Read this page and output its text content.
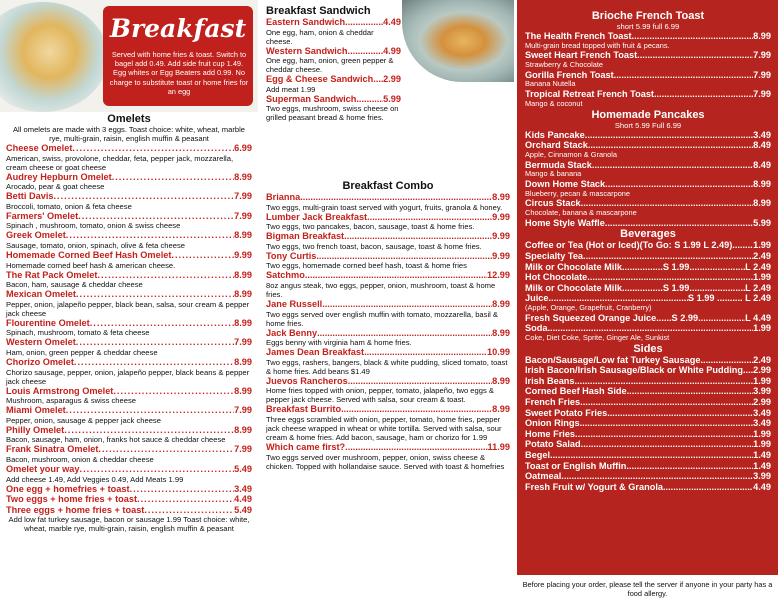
Breakfast
Served with home fries & toast. Switch to bagel add 0.49. Add side fruit cup 1.49. Egg whites or Egg Beaters add 0.99. No charge to substitute toast or home fries for an egg
Omelets
All omelets are made with 3 eggs. Toast choice: white, wheat, marble rye, multi-grain, raisin, english muffin & peasant
Cheese Omelet .....	6.99
American, swiss, provolone, cheddar, feta, pepper jack, mozzarella, cream cheese or goat cheese
Audrey Hepburn Omelet .....	8.99
Arocado, pear & goat cheese
Betti Davis .....	7.99
Broccoli, tomato, onion & feta cheese
Farmers' Omelet .....	7.99
Spinach , mushroom, tomato, onion & swiss cheese
Greek Omelet .....	8.99
Sausage, tomato, onion, spinach, olive & feta cheese
Homemade Corned Beef Hash Omelet .....	9.99
Homemade corned beef hash & american cheese.
The Rat Pack Omelet .....	8.99
Bacon, ham, sausage & cheddar cheese
Mexican Omelet .....	8.99
Pepper, onion, jalapeño pepper, black bean, salsa, sour cream & pepper jack cheese
Flourentine Omelet .....	8.99
Spinach, mushroom, tomato & feta cheese
Western Omelet .....	7.99
Ham, onion, green pepper & cheddar cheese
Chorizo Omelet .....	8.99
Chorizo sausage, pepper, onion, jalapeño pepper, black beans & pepper jack cheese
Louis Armstrong Omelet .....	8.99
Mushroom, asparagus & swiss cheese
Miami Omelet .....	7.99
Pepper, onion, sausage & pepper jack cheese
Philly Omelet .....	8.99
Bacon, sausage, ham, onion, franks hot sauce & cheddar cheese
Frank Sinatra Omelet .....	7.99
Bacon, mushroom, onion & cheddar cheese
Omelet your way .....	5.49
Add cheese 1.49, Add Veggies 0.49, Add Meats 1.99
One egg + homefries + toast .....	3.49
Two eggs + home fries + toast .....	4.49
Three eggs + home fries + toast .....	5.49
Add low fat turkey sausage, bacon or sausage 1.99 Toast choice: white, wheat, marble rye, multi-grain, raisin, english muffin & peasant
Breakfast Sandwich
Eastern Sandwich .....	4.49
One egg, ham, onion & cheddar cheese.
Western Sandwich .....	4.99
One egg, ham, onion, green pepper & cheddar cheese.
Egg & Cheese Sandwich ..... 2.99
Add meat 1.99
Superman Sandwich .....	5.99
Two eggs, mushroom, swiss cheese on grilled peasant bread & home fries.
Breakfast Combo
Brianna .....	8.99
Two eggs, multi-grain toast served with yogurt, fruits, granola & honey.
Lumber Jack Breakfast .....	9.99
Two eggs, two pancakes, bacon, sausage, toast & home fries.
Bigman Breakfast .....	9.99
Two eggs, two french toast, bacon, sausage, toast & home fries.
Tony Curtis .....	9.99
Two eggs, homemade corned beef hash, toast & home fries
Satchmo .....	12.99
8oz angus steak, two eggs, pepper, onion, mushroom, toast & home fries.
Jane Russell .....	8.99
Two eggs served over english muffin with tomato, mozzarella, basil & home fries.
Jack Benny .....	8.99
Eggs benny with virginia ham & home fries.
James Dean Breakfast .....	10.99
Two eggs, rashers, bangers, black & white pudding, sliced tomato, toast & home fries. Add beans $1.49
Juevos Rancheros .....	8.99
Home fries topped with onion, pepper, tomato, jalapeño, two eggs & pepper jack cheese. Served with salsa, sour cream & toast.
Breakfast Burrito .....	8.99
Three eggs scrambled with onion, pepper, tomato, home fries, pepper jack cheese wrapped in wheat or white tortilla. Served with salsa, sour cream & home fries. Add bacon, sausage, ham or chorizo for 1.99
Which came first? .....	11.99
Two eggs served over mushroom, pepper, onion, swiss cheese & chicken. Topped with hollandaise sauce. Served with toast & homefries
Brioche French Toast
short 5.99 full 6.99
The Health French Toast .....	8.99
Multi-grain bread topped with fruit & pecans.
Sweet Heart French Toast .....	7.99
Strawberry & Chocolate
Gorilla French Toast .....	7.99
Banana Nutella
Tropical Retreat French Toast .....	7.99
Mango & coconut
Homemade Pancakes
Short 5.99 Full 6.99
Kids Pancake .....	3.49
Orchard Stack .....	8.49
Apple, Cinnamon & Granola
Bermuda Stack .....	8.49
Mango & banana
Down Home Stack .....	8.99
Blueberry, pecan & mascarpone
Circus Stack .....	8.99
Chocolate, banana & mascarpone
Home Style Waffle .....	5.99
Beverages
Coffee or Tea (Hot or Iced)(To Go: S 1.99 L 2.49) ..... 1.99
Specialty Tea .....	2.49
Milk or Chocolate Milk................S 1.99 .....	L 2.49
Hot Chocolate .....	1.99
Milk or Chocolate Milk................S 1.99 .....	L 2.49
Juice .....	S 1.99 .......... L 2.49
(Apple, Orange, Grapefruit, Cranberry)
Fresh Squeezed Orange Juice......S 2.99 .....	L 4.49
Soda .....	1.99
Coke, Diet Coke, Sprite, Ginger Ale, Sunkist
Sides
Bacon/Sausage/Low fat Turkey Sausage .....	2.49
Irish Bacon/Irish Sausage/Black or White Pudding ..... 2.99
Irish Beans .....	1.99
Corned Beef Hash Side .....	3.99
French Fries .....	2.99
Sweet Potato Fries .....	3.49
Onion Rings .....	3.49
Home Fries .....	1.99
Potato Salad .....	1.99
Begel .....	1.49
Toast or English Muffin .....	1.49
Oatmeal .....	3.99
Fresh Fruit w/ Yogurt & Granola .....	4.49
Before placing your order, please tell the server if anyone in your party has a food allergy.
